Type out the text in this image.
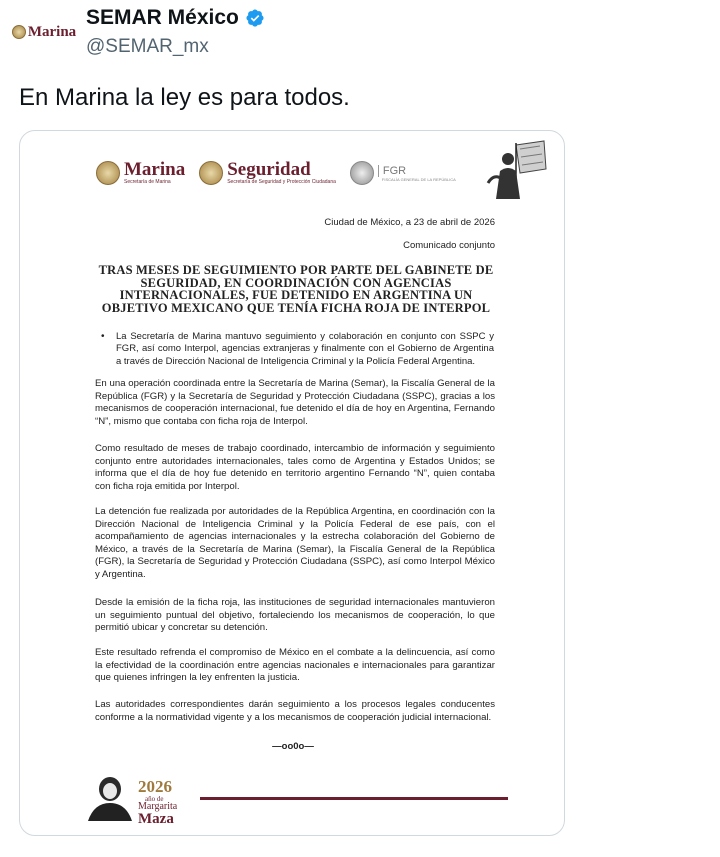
Marina
SEMAR México
@SEMAR_mx
En Marina la ley es para todos.
Marina
Secretaría de Marina
Seguridad
Secretaría de Seguridad y Protección Ciudadana
FGR
FISCALÍA GENERAL DE LA REPÚBLICA
Ciudad de México, a 23 de abril de 2026
Comunicado conjunto
TRAS MESES DE SEGUIMIENTO POR PARTE DEL GABINETE DE SEGURIDAD, EN COORDINACIÓN CON AGENCIAS INTERNACIONALES, FUE DETENIDO EN ARGENTINA UN OBJETIVO MEXICANO QUE TENÍA FICHA ROJA DE INTERPOL
• La Secretaría de Marina mantuvo seguimiento y colaboración en conjunto con SSPC y FGR, así como Interpol, agencias extranjeras y finalmente con el Gobierno de Argentina a través de Dirección Nacional de Inteligencia Criminal y la Policía Federal Argentina.
En una operación coordinada entre la Secretaría de Marina (Semar), la Fiscalía General de la República (FGR) y la Secretaría de Seguridad y Protección Ciudadana (SSPC), gracias a los mecanismos de cooperación internacional, fue detenido el día de hoy en Argentina, Fernando “N”, mismo que contaba con ficha roja de Interpol.
Como resultado de meses de trabajo coordinado, intercambio de información y seguimiento conjunto entre autoridades internacionales, tales como de Argentina y Estados Unidos; se informa que el día de hoy fue detenido en territorio argentino Fernando “N”, quien contaba con ficha roja emitida por Interpol.
La detención fue realizada por autoridades de la República Argentina, en coordinación con la Dirección Nacional de Inteligencia Criminal y la Policía Federal de ese país, con el acompañamiento de agencias internacionales y la estrecha colaboración del Gobierno de México, a través de la Secretaría de Marina (Semar), la Fiscalía General de la República (FGR), la Secretaría de Seguridad y Protección Ciudadana (SSPC), así como Interpol México y Argentina.
Desde la emisión de la ficha roja, las instituciones de seguridad internacionales mantuvieron un seguimiento puntual del objetivo, fortaleciendo los mecanismos de cooperación, lo que permitió ubicar y concretar su detención.
Este resultado refrenda el compromiso de México en el combate a la delincuencia, así como la efectividad de la coordinación entre agencias nacionales e internacionales para garantizar que quienes infringen la ley enfrenten la justicia.
Las autoridades correspondientes darán seguimiento a los procesos legales conducentes conforme a la normatividad vigente y a los mecanismos de cooperación judicial internacional.
—oo0o—
2026
año de
Margarita
Maza
